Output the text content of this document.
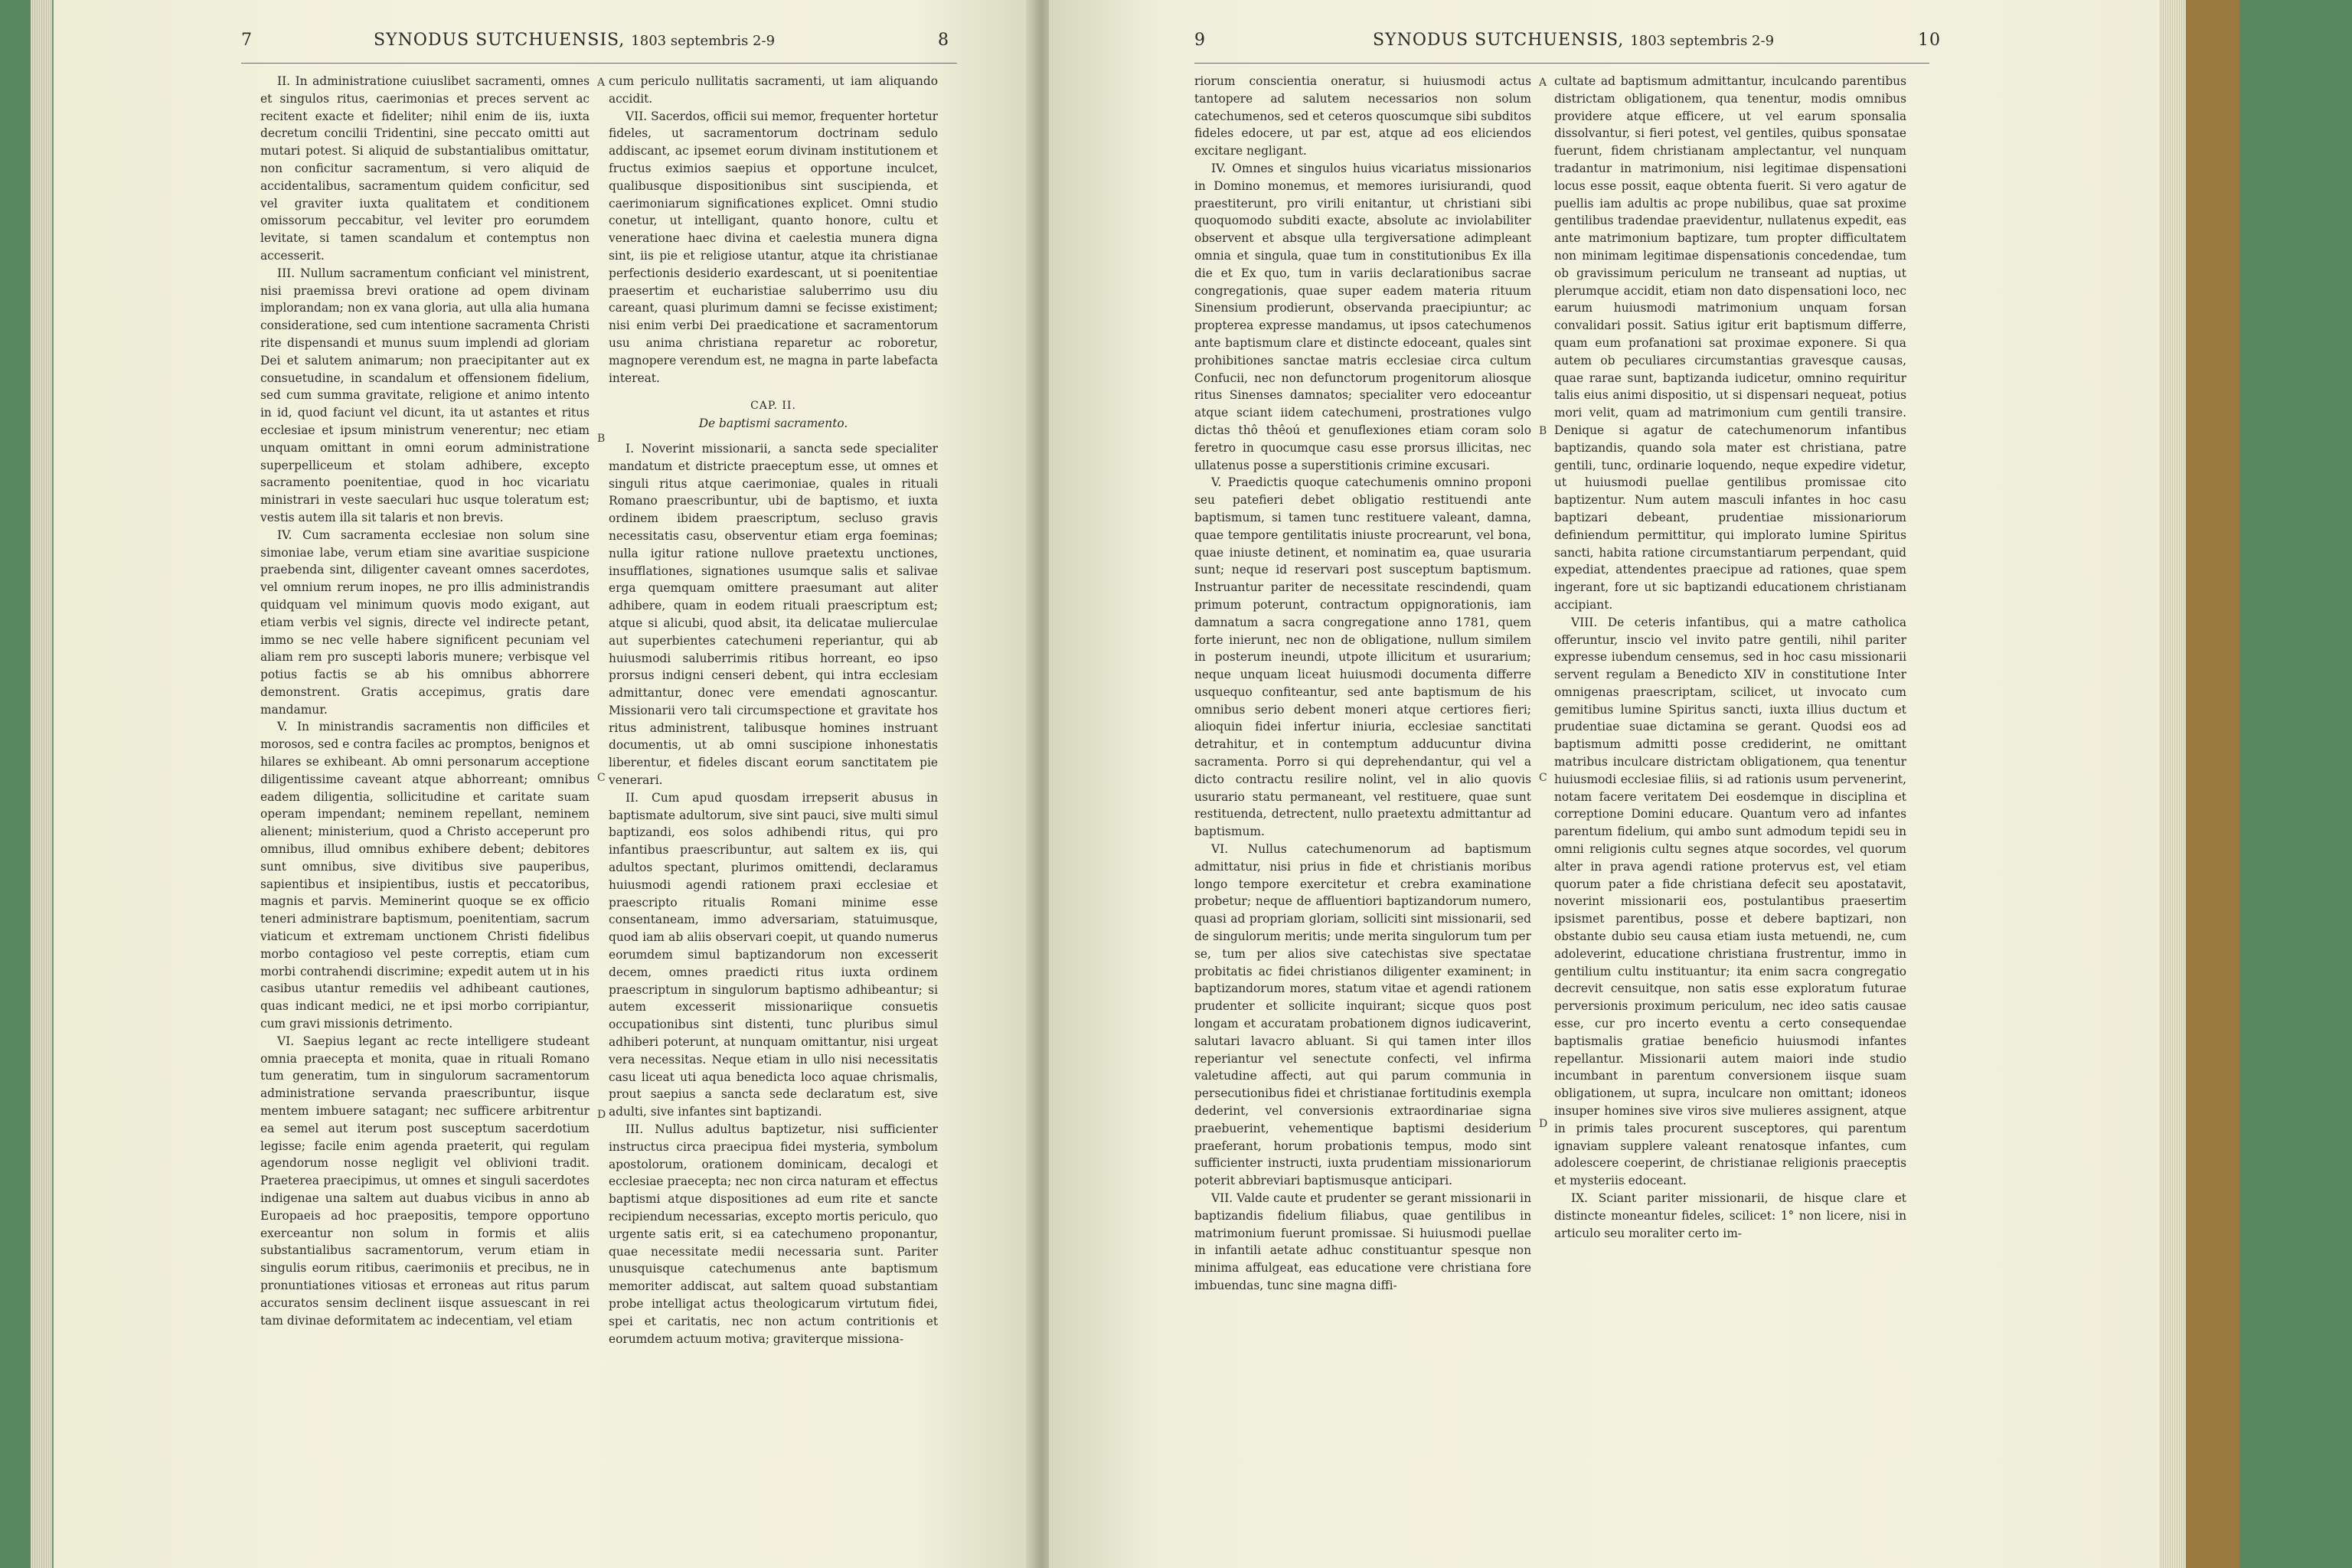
7	SYNODUS SUTCHUENSIS, 1803 septembris 2-9	8

II. In administratione cuiuslibet sacramenti, omnes et singulos ritus, caerimonias et preces servent ac recitent exacte et fideliter; nihil enim de iis, iuxta decretum concilii Tridentini, sine peccato omitti aut mutari potest. Si aliquid de substantialibus omittatur, non conficitur sacramentum, si vero aliquid de accidentalibus, sacramentum quidem conficitur, sed vel graviter iuxta qualitatem et conditionem omissorum peccabitur, vel leviter pro eorumdem levitate, si tamen scandalum et contemptus non accesserit.

III. Nullum sacramentum conficiant vel ministrent, nisi praemissa brevi oratione ad opem divinam implorandam; non ex vana gloria, aut ulla alia humana consideratione, sed cum intentione sacramenta Christi rite dispensandi et munus suum implendi ad gloriam Dei et salutem animarum; non praecipitanter aut ex consuetudine, in scandalum et offensionem fidelium, sed cum summa gravitate, religione et animo intento in id, quod faciunt vel dicunt, ita ut astantes et ritus ecclesiae et ipsum ministrum venerentur; nec etiam unquam omittant in omni eorum administratione superpelliceum et stolam adhibere, excepto sacramento poenitentiae, quod in hoc vicariatu ministrari in veste saeculari huc usque toleratum est; vestis autem illa sit talaris et non brevis.

IV. Cum sacramenta ecclesiae non solum sine simoniae labe, verum etiam sine avaritiae suspicione praebenda sint, diligenter caveant omnes sacerdotes, vel omnium rerum inopes, ne pro illis administrandis quidquam vel minimum quovis modo exigant, aut etiam verbis vel signis, directe vel indirecte petant, immo se nec velle habere significent pecuniam vel aliam rem pro suscepti laboris munere; verbisque vel potius factis se ab his omnibus abhorrere demonstrent. Gratis accepimus, gratis dare mandamur.

V. In ministrandis sacramentis non difficiles et morosos, sed e contra faciles ac promptos, benignos et hilares se exhibeant. Ab omni personarum acceptione diligentissime caveant atque abhorreant; omnibus eadem diligentia, sollicitudine et caritate suam operam impendant; neminem repellant, neminem alienent; ministerium, quod a Christo acceperunt pro omnibus, illud omnibus exhibere debent; debitores sunt omnibus, sive divitibus sive pauperibus, sapientibus et insipientibus, iustis et peccatoribus, magnis et parvis. Meminerint quoque se ex officio teneri administrare baptismum, poenitentiam, sacrum viaticum et extremam unctionem Christi fidelibus morbo contagioso vel peste correptis, etiam cum morbi contrahendi discrimine; expedit autem ut in his casibus utantur remediis vel adhibeant cautiones, quas indicant medici, ne et ipsi morbo corripiantur, cum gravi missionis detrimento.

VI. Saepius legant ac recte intelligere studeant omnia praecepta et monita, quae in rituali Romano tum generatim, tum in singulorum sacramentorum administratione servanda praescribuntur, iisque mentem imbuere satagant; nec sufficere arbitrentur ea semel aut iterum post susceptum sacerdotium legisse; facile enim agenda praeterit, qui regulam agendorum nosse negligit vel oblivioni tradit. Praeterea praecipimus, ut omnes et singuli sacerdotes indigenae una saltem aut duabus vicibus in anno ab Europaeis ad hoc praepositis, tempore opportuno exerceantur non solum in formis et aliis substantialibus sacramentorum, verum etiam in singulis eorum ritibus, caerimoniis et precibus, ne in pronuntiationes vitiosas et erroneas aut ritus parum accuratos sensim declinent iisque assuescant in rei tam divinae deformitatem ac indecentiam, vel etiam

A
B
C
D

cum periculo nullitatis sacramenti, ut iam aliquando accidit.

VII. Sacerdos, officii sui memor, frequenter hortetur fideles, ut sacramentorum doctrinam sedulo addiscant, ac ipsemet eorum divinam institutionem et fructus eximios saepius et opportune inculcet, qualibusque dispositionibus sint suscipienda, et caerimoniarum significationes explicet. Omni studio conetur, ut intelligant, quanto honore, cultu et veneratione haec divina et caelestia munera digna sint, iis pie et religiose utantur, atque ita christianae perfectionis desiderio exardescant, ut si poenitentiae praesertim et eucharistiae saluberrimo usu diu careant, quasi plurimum damni se fecisse existiment; nisi enim verbi Dei praedicatione et sacramentorum usu anima christiana reparetur ac roboretur, magnopere verendum est, ne magna in parte labefacta intereat.

CAP. II.

De baptismi sacramento.

I. Noverint missionarii, a sancta sede specialiter mandatum et districte praeceptum esse, ut omnes et singuli ritus atque caerimoniae, quales in rituali Romano praescribuntur, ubi de baptismo, et iuxta ordinem ibidem praescriptum, secluso gravis necessitatis casu, observentur etiam erga foeminas; nulla igitur ratione nullove praetextu unctiones, insufflationes, signationes usumque salis et salivae erga quemquam omittere praesumant aut aliter adhibere, quam in eodem rituali praescriptum est; atque si alicubi, quod absit, ita delicatae mulierculae aut superbientes catechumeni reperiantur, qui ab huiusmodi saluberrimis ritibus horreant, eo ipso prorsus indigni censeri debent, qui intra ecclesiam admittantur, donec vere emendati agnoscantur. Missionarii vero tali circumspectione et gravitate hos ritus administrent, talibusque homines instruant documentis, ut ab omni suscipione inhonestatis liberentur, et fideles discant eorum sanctitatem pie venerari.

II. Cum apud quosdam irrepserit abusus in baptismate adultorum, sive sint pauci, sive multi simul baptizandi, eos solos adhibendi ritus, qui pro infantibus praescribuntur, aut saltem ex iis, qui adultos spectant, plurimos omittendi, declaramus huiusmodi agendi rationem praxi ecclesiae et praescripto ritualis Romani minime esse consentaneam, immo adversariam, statuimusque, quod iam ab aliis observari coepit, ut quando numerus eorumdem simul baptizandorum non excesserit decem, omnes praedicti ritus iuxta ordinem praescriptum in singulorum baptismo adhibeantur; si autem excesserit missionariique consuetis occupationibus sint distenti, tunc pluribus simul adhiberi poterunt, at nunquam omittantur, nisi urgeat vera necessitas. Neque etiam in ullo nisi necessitatis casu liceat uti aqua benedicta loco aquae chrismalis, prout saepius a sancta sede declaratum est, sive adulti, sive infantes sint baptizandi.

III. Nullus adultus baptizetur, nisi sufficienter instructus circa praecipua fidei mysteria, symbolum apostolorum, orationem dominicam, decalogi et ecclesiae praecepta; nec non circa naturam et effectus baptismi atque dispositiones ad eum rite et sancte recipiendum necessarias, excepto mortis periculo, quo urgente satis erit, si ea catechumeno proponantur, quae necessitate medii necessaria sunt. Pariter unusquisque catechumenus ante baptismum memoriter addiscat, aut saltem quoad substantiam probe intelligat actus theologicarum virtutum fidei, spei et caritatis, nec non actum contritionis et eorumdem actuum motiva; graviterque missiona-

9	SYNODUS SUTCHUENSIS, 1803 septembris 2-9	10

riorum conscientia oneratur, si huiusmodi actus tantopere ad salutem necessarios non solum catechumenos, sed et ceteros quoscumque sibi subditos fideles edocere, ut par est, atque ad eos eliciendos excitare negligant.

IV. Omnes et singulos huius vicariatus missionarios in Domino monemus, et memores iurisiurandi, quod praestiterunt, pro virili enitantur, ut christiani sibi quoquomodo subditi exacte, absolute ac inviolabiliter observent et absque ulla tergiversatione adimpleant omnia et singula, quae tum in constitutionibus Ex illa die et Ex quo, tum in variis declarationibus sacrae congregationis, quae super eadem materia rituum Sinensium prodierunt, observanda praecipiuntur; ac propterea expresse mandamus, ut ipsos catechumenos ante baptismum clare et distincte edoceant, quales sint prohibitiones sanctae matris ecclesiae circa cultum Confucii, nec non defunctorum progenitorum aliosque ritus Sinenses damnatos; specialiter vero edoceantur atque sciant iidem catechumeni, prostrationes vulgo dictas thô thêoú et genuflexiones etiam coram solo feretro in quocumque casu esse prorsus illicitas, nec ullatenus posse a superstitionis crimine excusari.

V. Praedictis quoque catechumenis omnino proponi seu patefieri debet obligatio restituendi ante baptismum, si tamen tunc restituere valeant, damna, quae tempore gentilitatis iniuste procrearunt, vel bona, quae iniuste detinent, et nominatim ea, quae usuraria sunt; neque id reservari post susceptum baptismum. Instruantur pariter de necessitate rescindendi, quam primum poterunt, contractum oppignorationis, iam damnatum a sacra congregatione anno 1781, quem forte inierunt, nec non de obligatione, nullum similem in posterum ineundi, utpote illicitum et usurarium; neque unquam liceat huiusmodi documenta differre usquequo confiteantur, sed ante baptismum de his omnibus serio debent moneri atque certiores fieri; alioquin fidei infertur iniuria, ecclesiae sanctitati detrahitur, et in contemptum adducuntur divina sacramenta. Porro si qui deprehendantur, qui vel a dicto contractu resilire nolint, vel in alio quovis usurario statu permaneant, vel restituere, quae sunt restituenda, detrectent, nullo praetextu admittantur ad baptismum.

VI. Nullus catechumenorum ad baptismum admittatur, nisi prius in fide et christianis moribus longo tempore exercitetur et crebra examinatione probetur; neque de affluentiori baptizandorum numero, quasi ad propriam gloriam, solliciti sint missionarii, sed de singulorum meritis; unde merita singulorum tum per se, tum per alios sive catechistas sive spectatae probitatis ac fidei christianos diligenter examinent; in baptizandorum mores, statum vitae et agendi rationem prudenter et sollicite inquirant; sicque quos post longam et accuratam probationem dignos iudicaverint, salutari lavacro abluant. Si qui tamen inter illos reperiantur vel senectute confecti, vel infirma valetudine affecti, aut qui parum communia in persecutionibus fidei et christianae fortitudinis exempla dederint, vel conversionis extraordinariae signa praebuerint, vehementique baptismi desiderium praeferant, horum probationis tempus, modo sint sufficienter instructi, iuxta prudentiam missionariorum poterit abbreviari baptismusque anticipari.

VII. Valde caute et prudenter se gerant missionarii in baptizandis fidelium filiabus, quae gentilibus in matrimonium fuerunt promissae. Si huiusmodi puellae in infantili aetate adhuc constituantur spesque non minima affulgeat, eas educatione vere christiana fore imbuendas, tunc sine magna diffi-

A
B
C
D

cultate ad baptismum admittantur, inculcando parentibus districtam obligationem, qua tenentur, modis omnibus providere atque efficere, ut vel earum sponsalia dissolvantur, si fieri potest, vel gentiles, quibus sponsatae fuerunt, fidem christianam amplectantur, vel nunquam tradantur in matrimonium, nisi legitimae dispensationi locus esse possit, eaque obtenta fuerit. Si vero agatur de puellis iam adultis ac prope nubilibus, quae sat proxime gentilibus tradendae praevidentur, nullatenus expedit, eas ante matrimonium baptizare, tum propter difficultatem non minimam legitimae dispensationis concedendae, tum ob gravissimum periculum ne transeant ad nuptias, ut plerumque accidit, etiam non dato dispensationi loco, nec earum huiusmodi matrimonium unquam forsan convalidari possit. Satius igitur erit baptismum differre, quam eum profanationi sat proximae exponere. Si qua autem ob peculiares circumstantias gravesque causas, quae rarae sunt, baptizanda iudicetur, omnino requiritur talis eius animi dispositio, ut si dispensari nequeat, potius mori velit, quam ad matrimonium cum gentili transire. Denique si agatur de catechumenorum infantibus baptizandis, quando sola mater est christiana, patre gentili, tunc, ordinarie loquendo, neque expedire videtur, ut huiusmodi puellae gentilibus promissae cito baptizentur. Num autem masculi infantes in hoc casu baptizari debeant, prudentiae missionariorum definiendum permittitur, qui implorato lumine Spiritus sancti, habita ratione circumstantiarum perpendant, quid expediat, attendentes praecipue ad rationes, quae spem ingerant, fore ut sic baptizandi educationem christianam accipiant.

VIII. De ceteris infantibus, qui a matre catholica offeruntur, inscio vel invito patre gentili, nihil pariter expresse iubendum censemus, sed in hoc casu missionarii servent regulam a Benedicto XIV in constitutione Inter omnigenas praescriptam, scilicet, ut invocato cum gemitibus lumine Spiritus sancti, iuxta illius ductum et prudentiae suae dictamina se gerant. Quodsi eos ad baptismum admitti posse crediderint, ne omittant matribus inculcare districtam obligationem, qua tenentur huiusmodi ecclesiae filiis, si ad rationis usum pervenerint, notam facere veritatem Dei eosdemque in disciplina et correptione Domini educare. Quantum vero ad infantes parentum fidelium, qui ambo sunt admodum tepidi seu in omni religionis cultu segnes atque socordes, vel quorum alter in prava agendi ratione protervus est, vel etiam quorum pater a fide christiana defecit seu apostatavit, noverint missionarii eos, postulantibus praesertim ipsismet parentibus, posse et debere baptizari, non obstante dubio seu causa etiam iusta metuendi, ne, cum adoleverint, educatione christiana frustrentur, immo in gentilium cultu instituantur; ita enim sacra congregatio decrevit censuitque, non satis esse exploratum futurae perversionis proximum periculum, nec ideo satis causae esse, cur pro incerto eventu a certo consequendae baptismalis gratiae beneficio huiusmodi infantes repellantur. Missionarii autem maiori inde studio incumbant in parentum conversionem iisque suam obligationem, ut supra, inculcare non omittant; idoneos insuper homines sive viros sive mulieres assignent, atque in primis tales procurent susceptores, qui parentum ignaviam supplere valeant renatosque infantes, cum adolescere coeperint, de christianae religionis praeceptis et mysteriis edoceant.

IX. Sciant pariter missionarii, de hisque clare et distincte moneantur fideles, scilicet: 1° non licere, nisi in articulo seu moraliter certo im-
